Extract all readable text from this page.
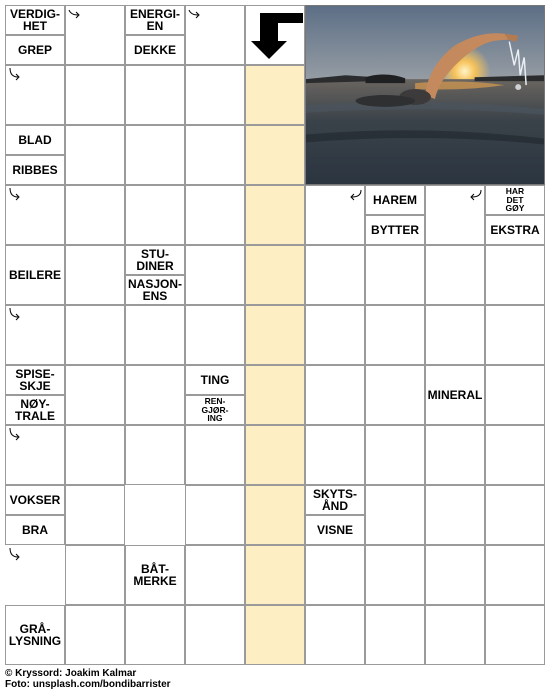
VERDIG-
HET
GREP
ENERGI-
EN
DEKKE
BLAD
RIBBES
HAREM
BYTTER
HAR
DET
GØY
EKSTRA
BEILERE
STU-
DINER
NASJON-
ENS
SPISE-
SKJE
NØY-
TRALE
TING
REN-
GJØR-
ING
MINERAL
VOKSER
BRA
SKYTS-
ÅND
VISNE
BÅT-
MERKE
GRÅ-
LYSNING
© Kryssord: Joakim Kalmar
Foto: unsplash.com/bondibarrister
